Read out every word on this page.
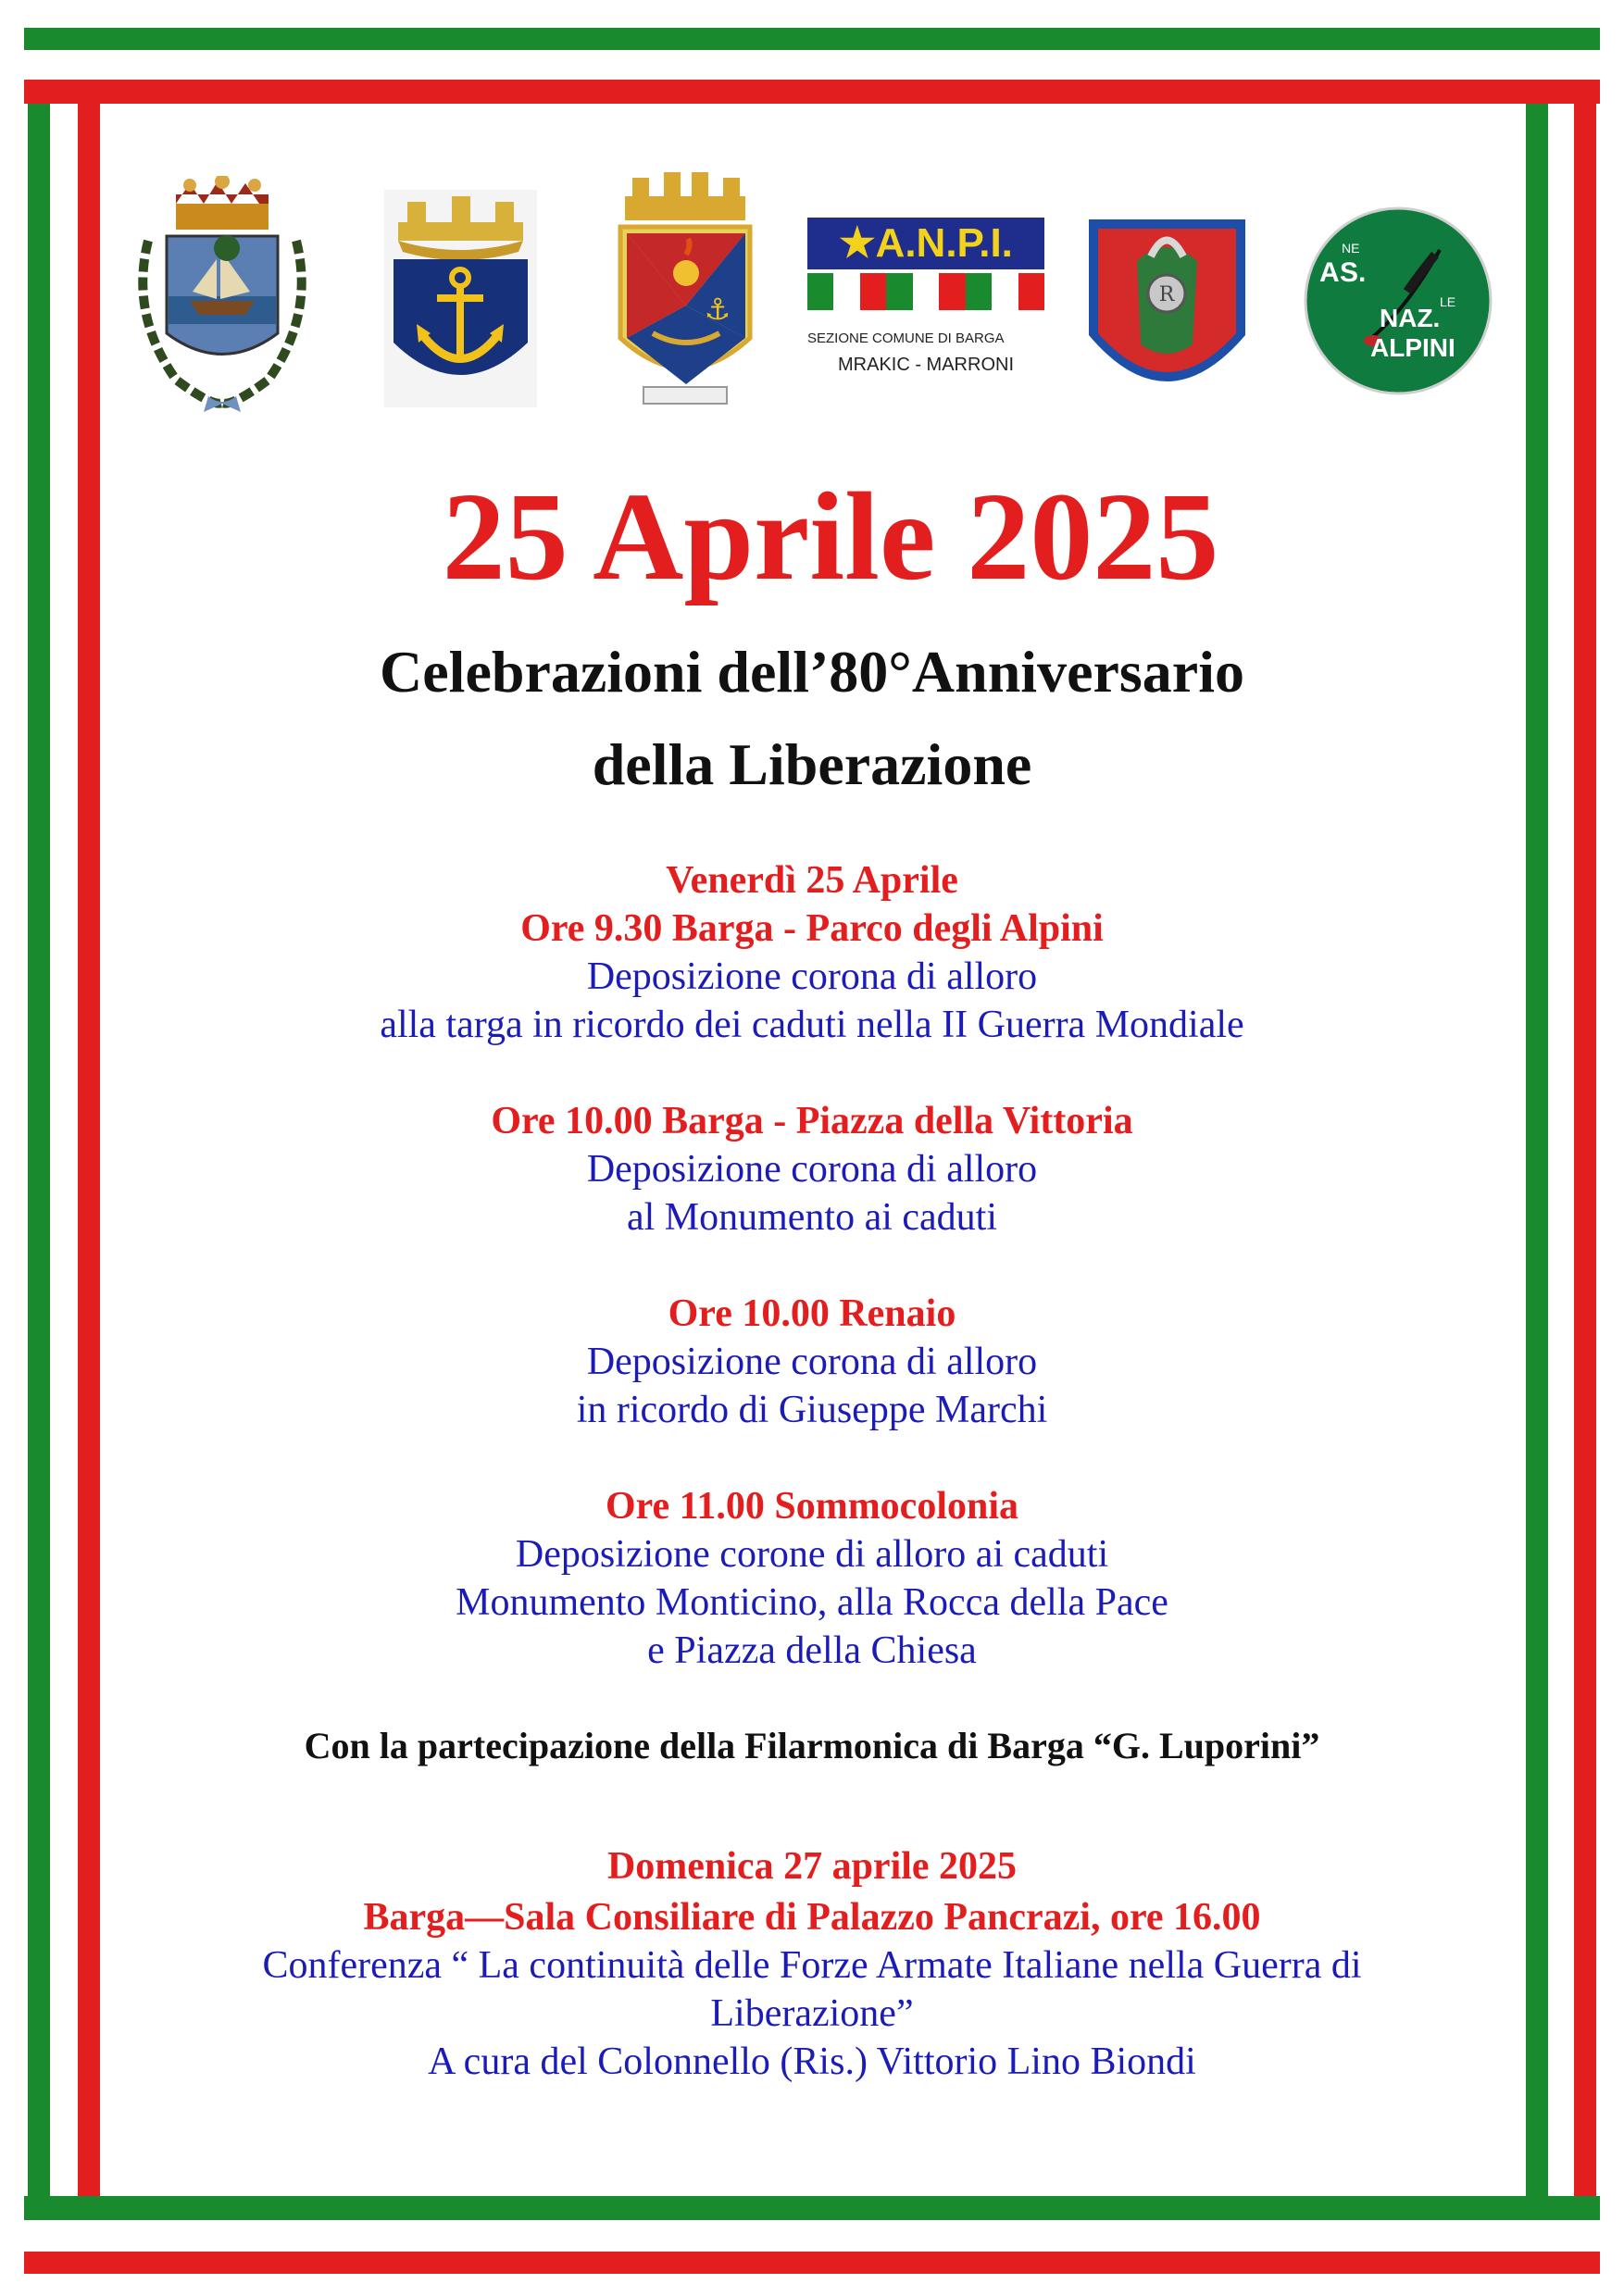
⚓
★A.N.P.I.
SEZIONE COMUNE DI BARGA
MRAKIC - MARRONI
R
A S.
NE
LE
NAZ.
ALPINI
25 Aprile 2025
Celebrazioni dell’80°Anniversario
della Liberazione
Venerdì 25 Aprile
Ore 9.30 Barga - Parco degli Alpini
Deposizione corona di alloro
alla targa in ricordo dei caduti nella II Guerra Mondiale
Ore 10.00 Barga - Piazza della Vittoria
Deposizione corona di alloro
al Monumento ai caduti
Ore 10.00 Renaio
Deposizione corona di alloro
in ricordo di Giuseppe Marchi
Ore 11.00 Sommocolonia
Deposizione corone di alloro ai caduti
Monumento Monticino, alla Rocca della Pace
e Piazza della Chiesa
Con la partecipazione della Filarmonica di Barga “G. Luporini”
Domenica 27 aprile 2025
Barga—Sala Consiliare di Palazzo Pancrazi, ore 16.00
Conferenza “ La continuità delle Forze Armate Italiane nella Guerra di
Liberazione”
A cura del Colonnello (Ris.) Vittorio Lino Biondi
